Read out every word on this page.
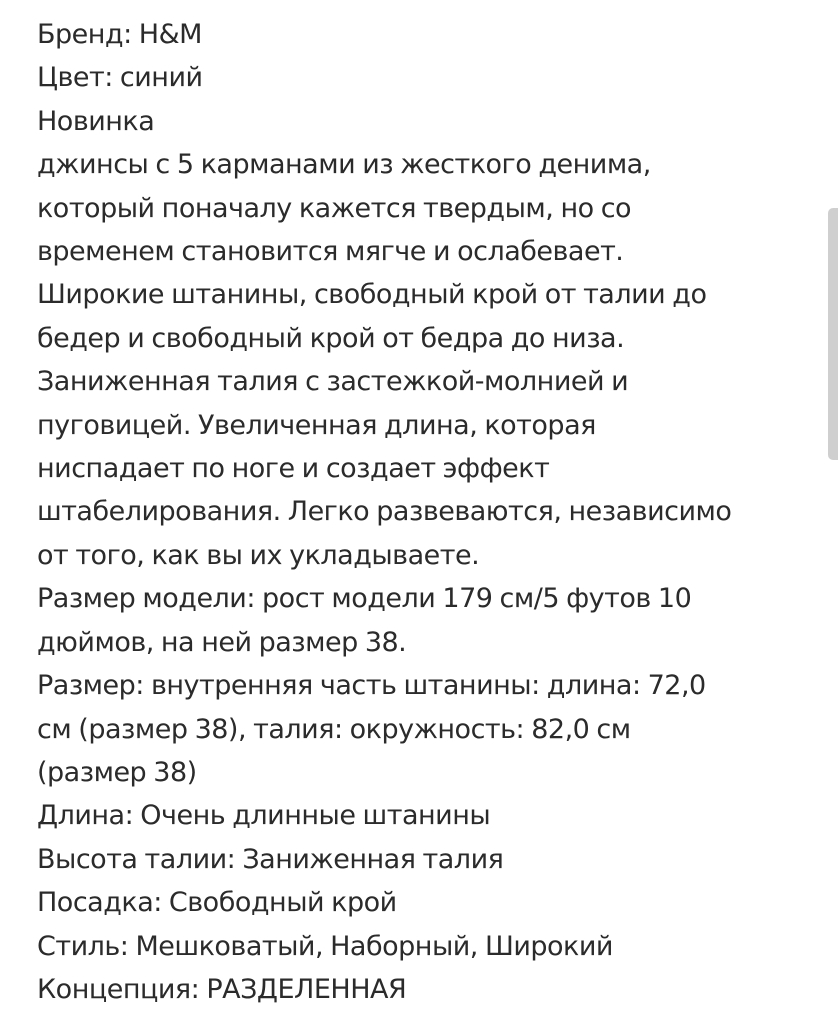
Бренд: H&M
Цвет: синий
Новинка
джинсы с 5 карманами из жесткого денима,
который поначалу кажется твердым, но со
временем становится мягче и ослабевает.
Широкие штанины, свободный крой от талии до
бедер и свободный крой от бедра до низа.
Заниженная талия с застежкой-молнией и
пуговицей. Увеличенная длина, которая
ниспадает по ноге и создает эффект
штабелирования. Легко развеваются, независимо
от того, как вы их укладываете.
Размер модели: рост модели 179 см/5 футов 10
дюймов, на ней размер 38.
Размер: внутренняя часть штанины: длина: 72,0
см (размер 38), талия: окружность: 82,0 см
(размер 38)
Длина: Очень длинные штанины
Высота талии: Заниженная талия
Посадка: Свободный крой
Стиль: Мешковатый, Наборный, Широкий
Концепция: РАЗДЕЛЕННАЯ
